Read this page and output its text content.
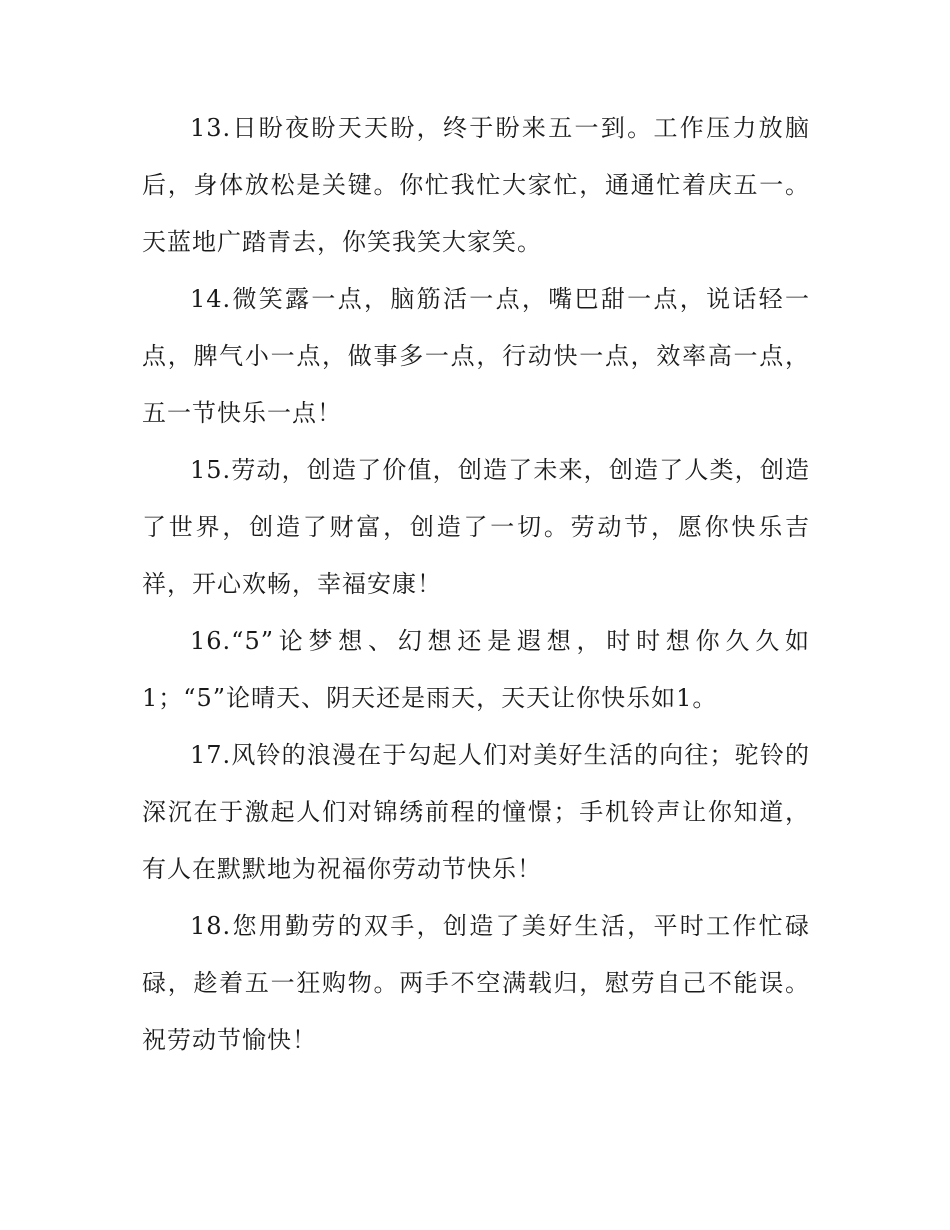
13.日盼夜盼天天盼，终于盼来五一到。工作压力放脑后，身体放松是关键。你忙我忙大家忙，通通忙着庆五一。天蓝地广踏青去，你笑我笑大家笑。

14.微笑露一点，脑筋活一点，嘴巴甜一点，说话轻一点，脾气小一点，做事多一点，行动快一点，效率高一点，五一节快乐一点！

15.劳动，创造了价值，创造了未来，创造了人类，创造了世界，创造了财富，创造了一切。劳动节，愿你快乐吉祥，开心欢畅，幸福安康！

16.“5”论梦想、幻想还是遐想，时时想你久久如1；“5”论晴天、阴天还是雨天，天天让你快乐如1。

17.风铃的浪漫在于勾起人们对美好生活的向往；驼铃的深沉在于激起人们对锦绣前程的憧憬；手机铃声让你知道，有人在默默地为祝福你劳动节快乐！

18.您用勤劳的双手，创造了美好生活，平时工作忙碌碌，趁着五一狂购物。两手不空满载归，慰劳自己不能误。祝劳动节愉快！
